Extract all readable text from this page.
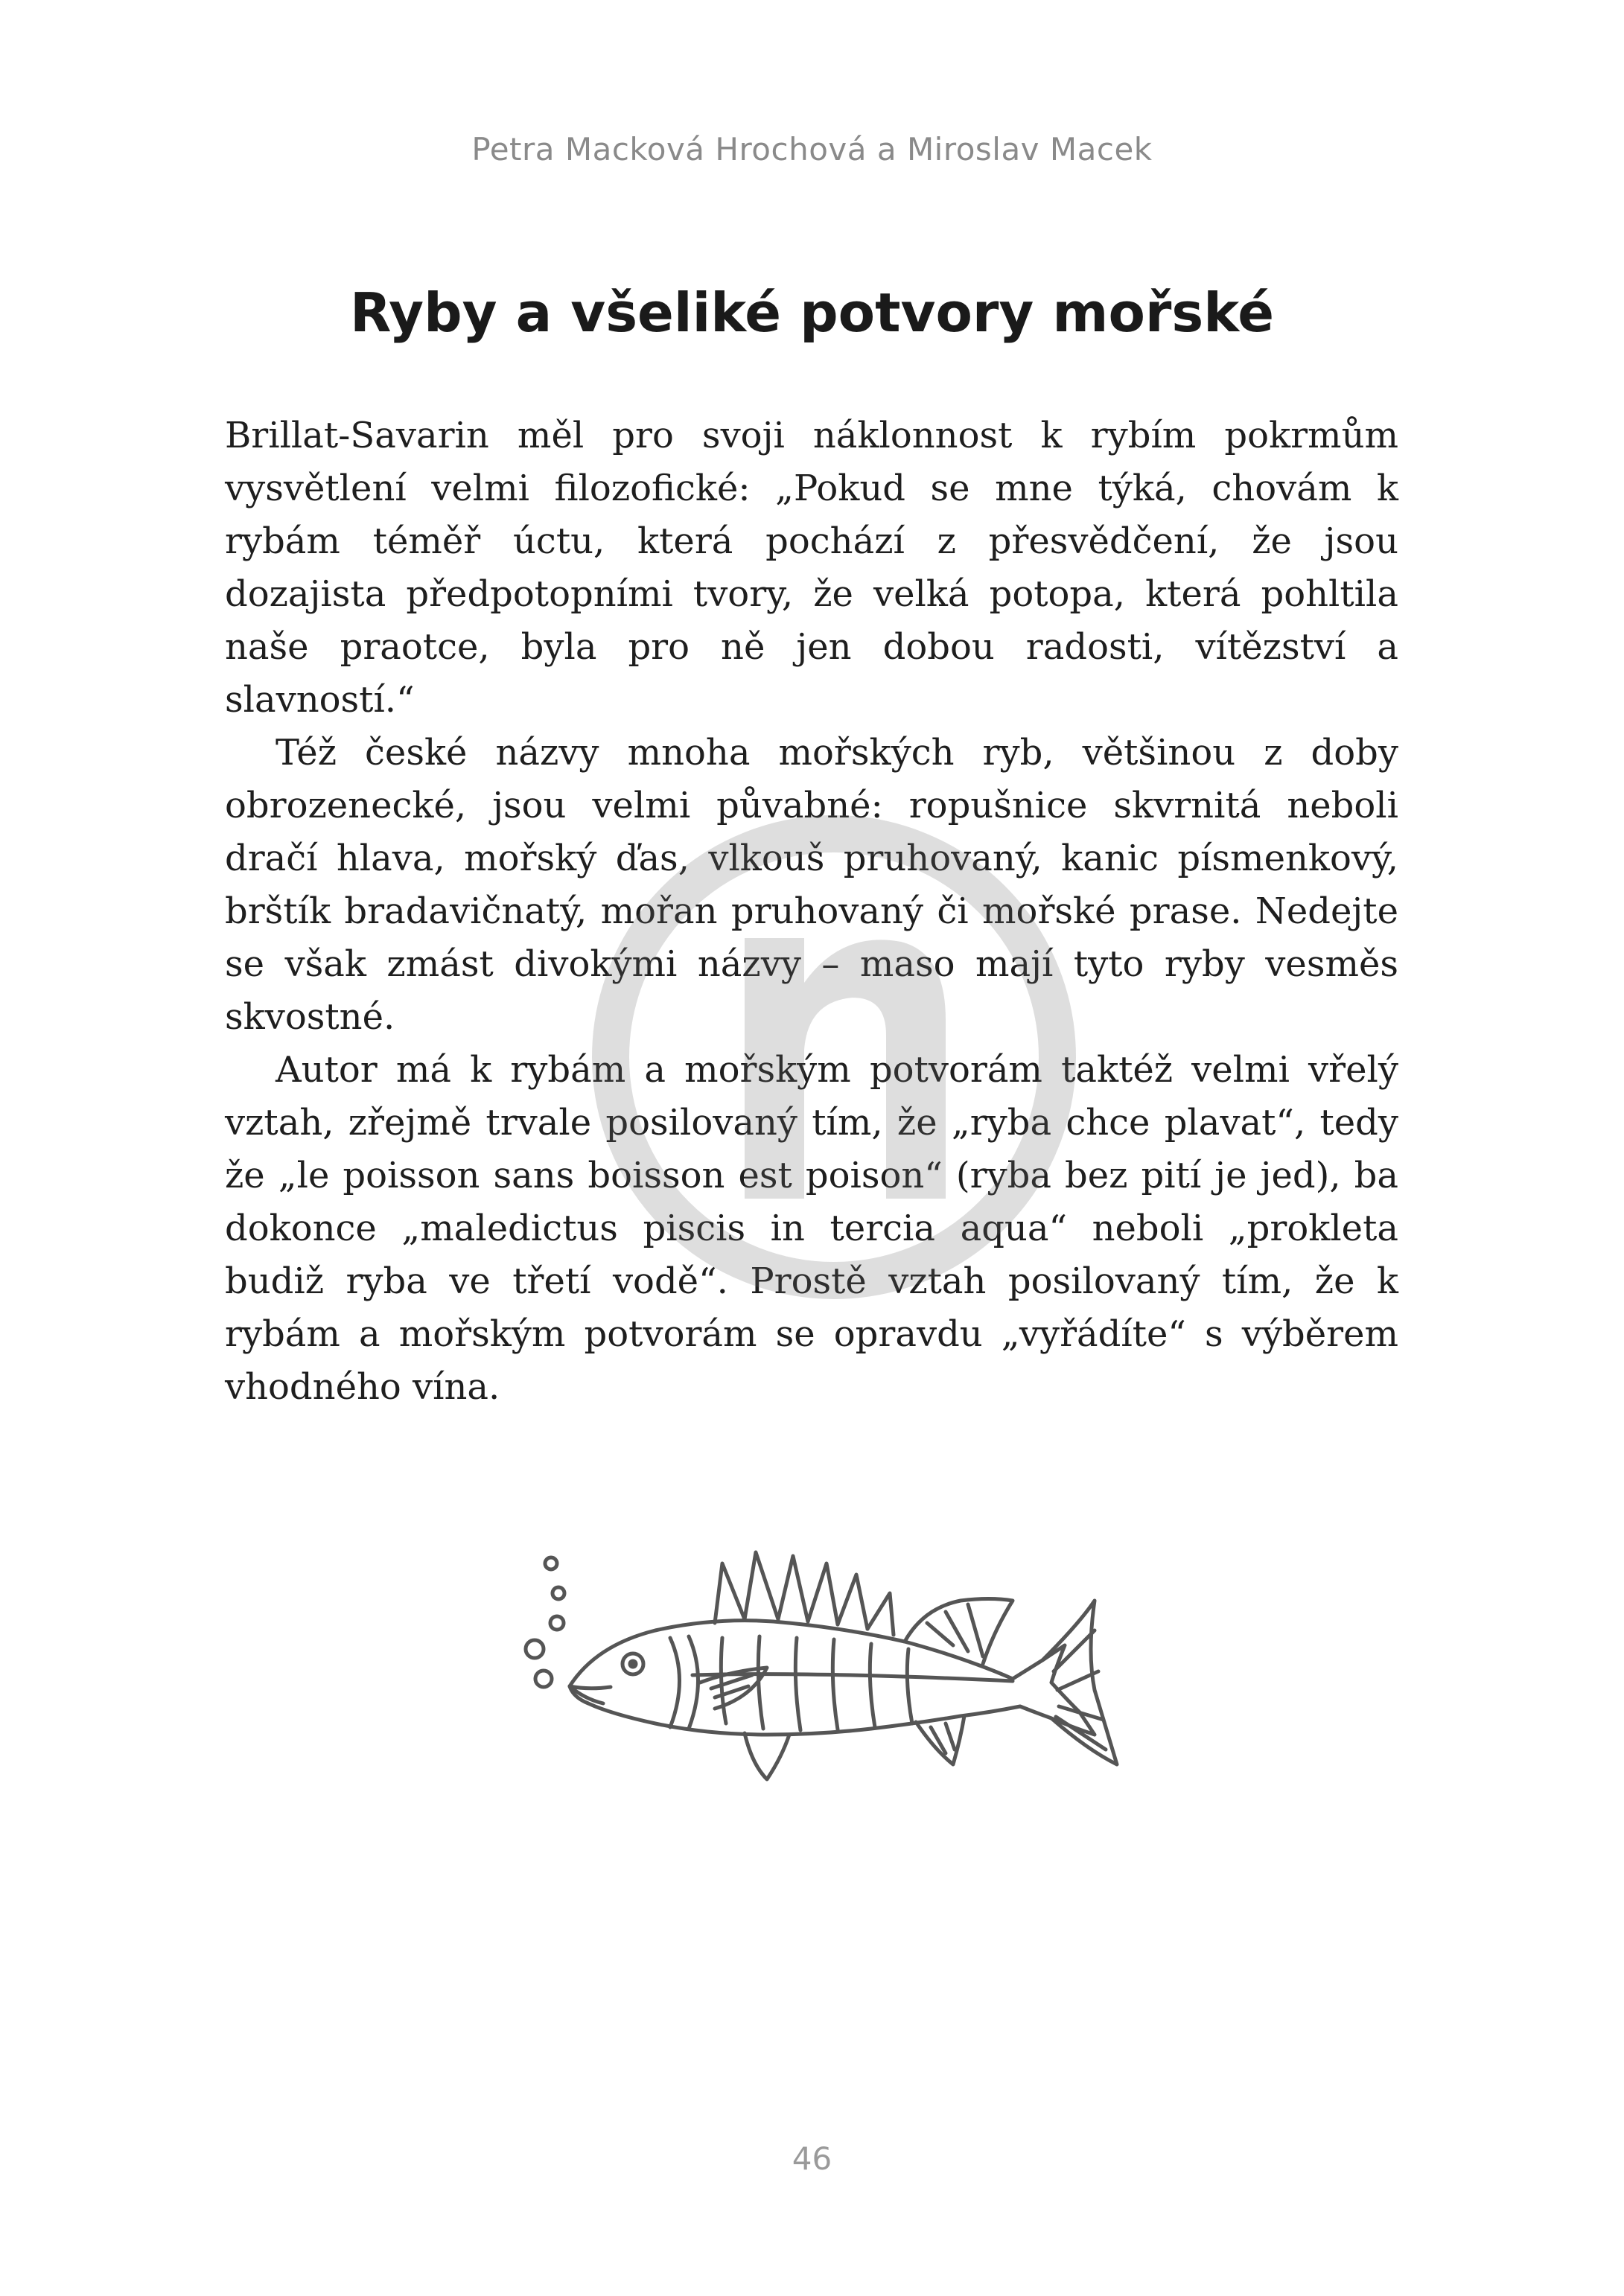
Petra Macková Hrochová a Miroslav Macek
Ryby a všeliké potvory mořské

Brillat-Savarin měl pro svoji náklonnost k rybím pokrmům vysvětlení velmi filozofické: „Pokud se mne týká, chovám k rybám téměř úctu, která pochází z přesvědčení, že jsou dozajista předpotopními tvory, že velká potopa, která pohltila naše praotce, byla pro ně jen dobou radosti, vítězství a slavností.“

Též české názvy mnoha mořských ryb, většinou z doby obrozenecké, jsou velmi půvabné: ropušnice skvrnitá neboli dračí hlava, mořský ďas, vlkouš pruhovaný, kanic písmenkový, brštík bradavičnatý, mořan pruhovaný či mořské prase. Nedejte se však zmást divokými názvy – maso mají tyto ryby vesměs skvostné.

Autor má k rybám a mořským potvorám taktéž velmi vřelý vztah, zřejmě trvale posilovaný tím, že „ryba chce plavat“, tedy že „le poisson sans boisson est poison“ (ryba bez pití je jed), ba dokonce „maledictus piscis in tercia aqua“ neboli „prokleta budiž ryba ve třetí vodě“. Prostě vztah posilovaný tím, že k rybám a mořským potvorám se opravdu „vyřádíte“ s výběrem vhodného vína.

46
